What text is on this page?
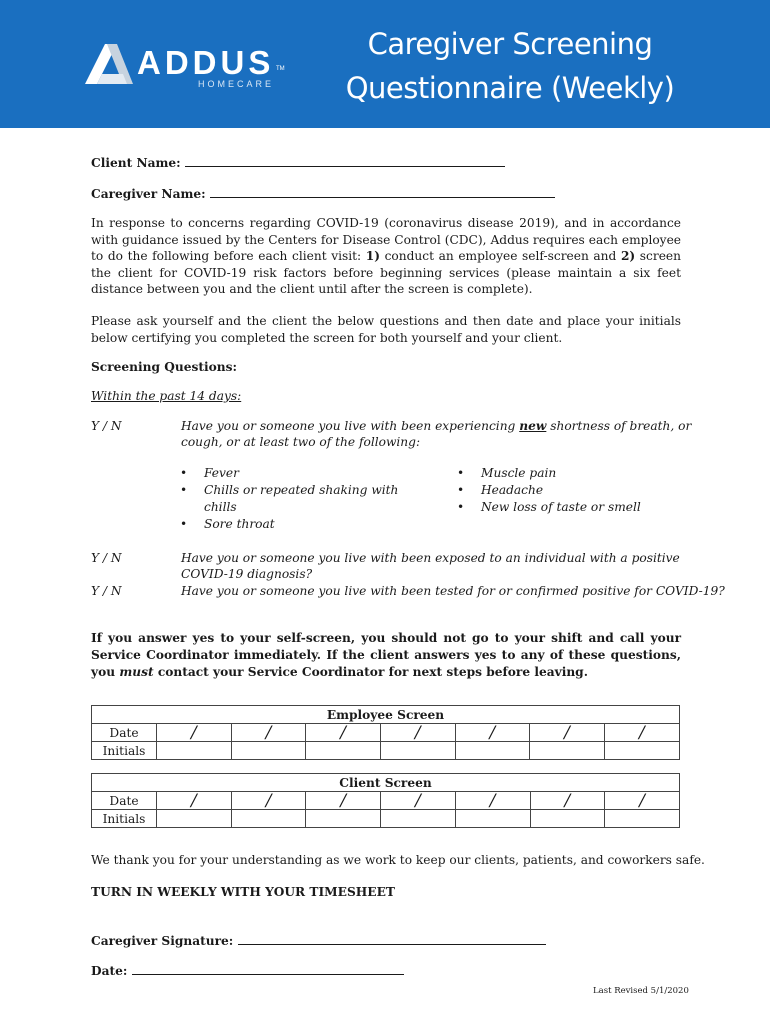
ADDUS TM
HOMECARE
Caregiver Screening
Questionnaire (Weekly)
Client Name:
Caregiver Name:
In response to concerns regarding COVID-19 (coronavirus disease 2019), and in accordance with guidance issued by the Centers for Disease Control (CDC), Addus requires each employee to do the following before each client visit: 1) conduct an employee self-screen and 2) screen the client for COVID-19 risk factors before beginning services (please maintain a six feet distance between you and the client until after the screen is complete).
Please ask yourself and the client the below questions and then date and place your initials below certifying you completed the screen for both yourself and your client.
Screening Questions:
Within the past 14 days:
Y / N	Have you or someone you live with been experiencing new shortness of breath, or
cough, or at least two of the following:
• Fever
• Chills or repeated shaking with
chills
• Sore throat
• Muscle pain
• Headache
• New loss of taste or smell
Y / N	Have you or someone you live with been exposed to an individual with a positive
COVID-19 diagnosis?
Y / N	Have you or someone you live with been tested for or confirmed positive for COVID-19?
If you answer yes to your self-screen, you should not go to your shift and call your Service Coordinator immediately. If the client answers yes to any of these questions, you must contact your Service Coordinator for next steps before leaving.
Employee Screen							
Date	/	/	/	/	/	/	/
Initials							
Client Screen							
Date	/	/	/	/	/	/	/
Initials							
We thank you for your understanding as we work to keep our clients, patients, and coworkers safe.
TURN IN WEEKLY WITH YOUR TIMESHEET
Caregiver Signature:
Date:
Last Revised 5/1/2020
